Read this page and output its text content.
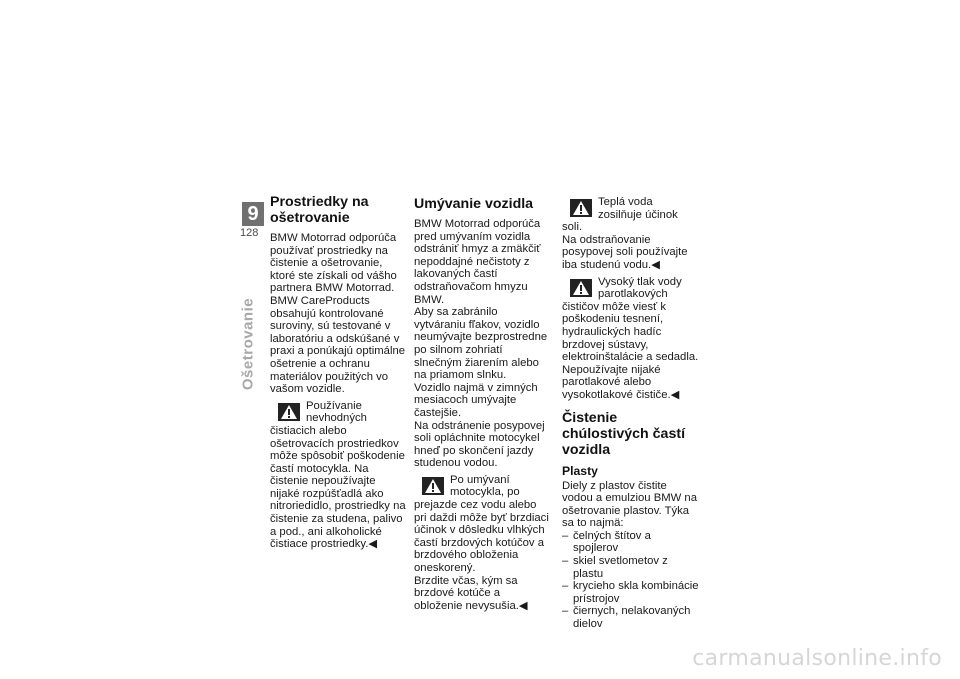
9
128
Ošetrovanie
Prostriedky na ošetrovanie

BMW Motorrad odporúča používať prostriedky na čistenie a ošetrovanie, ktoré ste získali od vášho partnera BMW Motorrad. BMW CareProducts obsahujú kontrolované suroviny, sú testované v laboratóriu a odskúšané v praxi a ponúkajú optimálne ošetrenie a ochranu materiálov použitých vo vašom vozidle.

Používanie nevhodných čistiacich alebo ošetrovacích prostriedkov môže spôsobiť poškodenie častí motocykla. Na čistenie nepoužívajte nijaké rozpúšťadlá ako nitroriedidlo, prostriedky na čistenie za studena, palivo a pod., ani alkoholické čistiace prostriedky.◀

Umývanie vozidla

BMW Motorrad odporúča pred umývaním vozidla odstrániť hmyz a zmäkčiť nepoddajné nečistoty z lakovaných častí odstraňovačom hmyzu BMW.

Aby sa zabránilo vytváraniu fľakov, vozidlo neumývajte bezprostredne po silnom zohriatí slnečným žiarením alebo na priamom slnku.

Vozidlo najmä v zimných mesiacoch umývajte častejšie.

Na odstránenie posypovej soli opláchnite motocykel hneď po skončení jazdy studenou vodou.

Po umývaní motocykla, po prejazde cez vodu alebo pri daždi môže byť brzdiaci účinok v dôsledku vlhkých častí brzdových kotúčov a brzdového obloženia oneskorený.

Brzdite včas, kým sa brzdové kotúče a obloženie nevysušia.◀

Teplá voda zosilňuje účinok soli.

Na odstraňovanie posypovej soli používajte iba studenú vodu.◀

Vysoký tlak vody parotlakových čističov môže viesť k poškodeniu tesnení, hydraulických hadíc brzdovej sústavy, elektroinštalácie a sedadla.

Nepoužívajte nijaké parotlakové alebo vysokotlakové čističe.◀

Čistenie chúlostivých častí vozidla
Plasty

Diely z plastov čistite vodou a emulziou BMW na ošetrovanie plastov. Týka sa to najmä:

– čelných štítov a spojlerov
– skiel svetlometov z plastu
– krycieho skla kombinácie prístrojov
– čiernych, nelakovaných dielov
carmanualsonline.info
